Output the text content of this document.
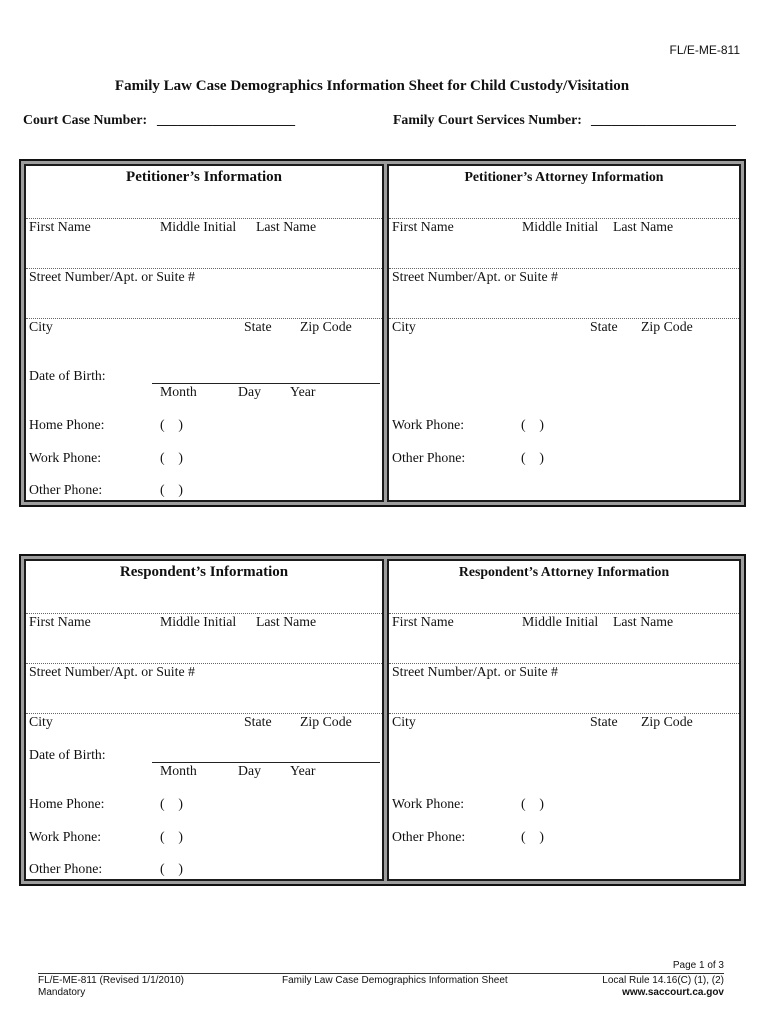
FL/E-ME-811
Family Law Case Demographics Information Sheet for Child Custody/Visitation
Court Case Number: ____________________	Family Court Services Number: _____________________
Petitioner’s Information
First Name	Middle Initial Last Name
Street Number/Apt. or Suite #
City	State Zip Code
Date of Birth:
Month	Day Year
Home Phone:	(    )
Work Phone:	(    )
Other Phone:	(    )
Petitioner’s Attorney Information
First Name	Middle Initial Last Name
Street Number/Apt. or Suite #
City	State Zip Code
Work Phone:	(    )
Other Phone:	(    )
Respondent’s Information
First Name	Middle Initial Last Name
Street Number/Apt. or Suite #
City	State Zip Code
Date of Birth:
Month	Day Year
Home Phone:	(    )
Work Phone:	(    )
Other Phone:	(    )
Respondent’s Attorney Information
First Name	Middle Initial Last Name
Street Number/Apt. or Suite #
City	State Zip Code
Work Phone:	(    )
Other Phone:	(    )
Page 1 of 3
FL/E-ME-811 (Revised 1/1/2010)
Mandatory
Family Law Case Demographics Information Sheet	Local Rule 14.16(C) (1), (2)
www.saccourt.ca.gov
